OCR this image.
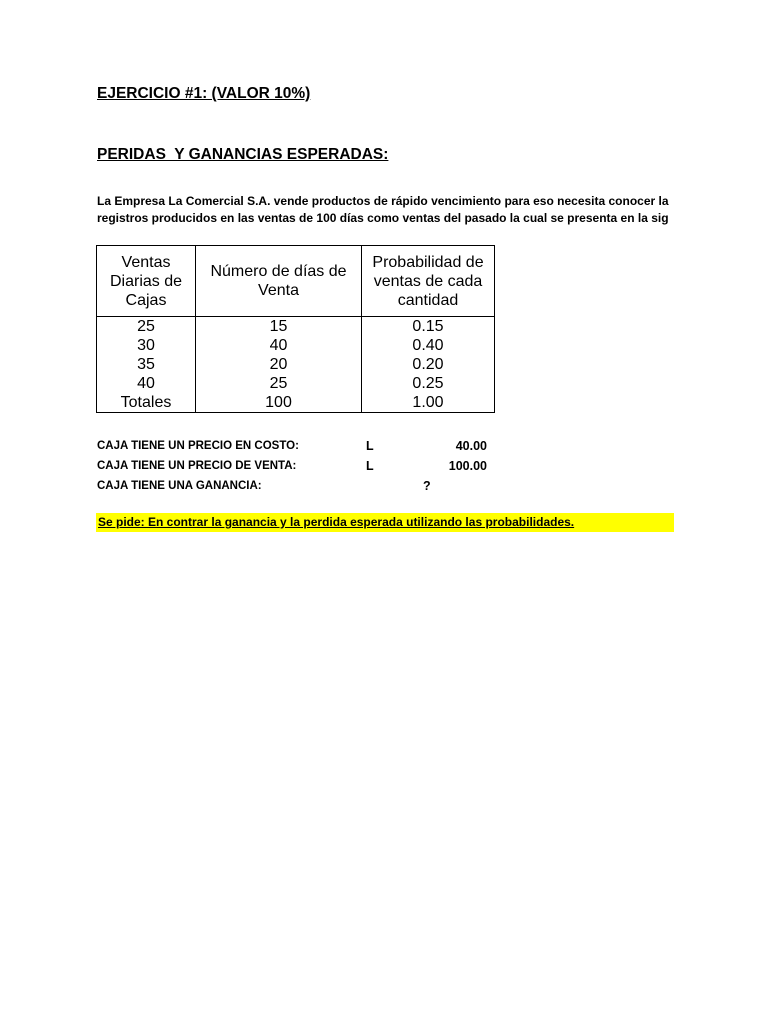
EJERCICIO #1: (VALOR 10%)
PERIDAS  Y GANANCIAS ESPERADAS:
La Empresa La Comercial S.A. vende productos de rápido vencimiento para eso necesita conocer la
registros producidos en las ventas de 100 días como ventas del pasado la cual se presenta en la sig
Ventas Diarias de Cajas	Número de días de Venta	Probabilidad de ventas de cada cantidad
25	15	0.15
30	40	0.40
35	20	0.20
40	25	0.25
Totales	100	1.00
CAJA TIENE UN PRECIO EN COSTO:	L	40.00
CAJA TIENE UN PRECIO DE VENTA:	L	100.00
CAJA TIENE UNA GANANCIA:	?
Se pide: En contrar la ganancia y la perdida esperada utilizando las probabilidades.
